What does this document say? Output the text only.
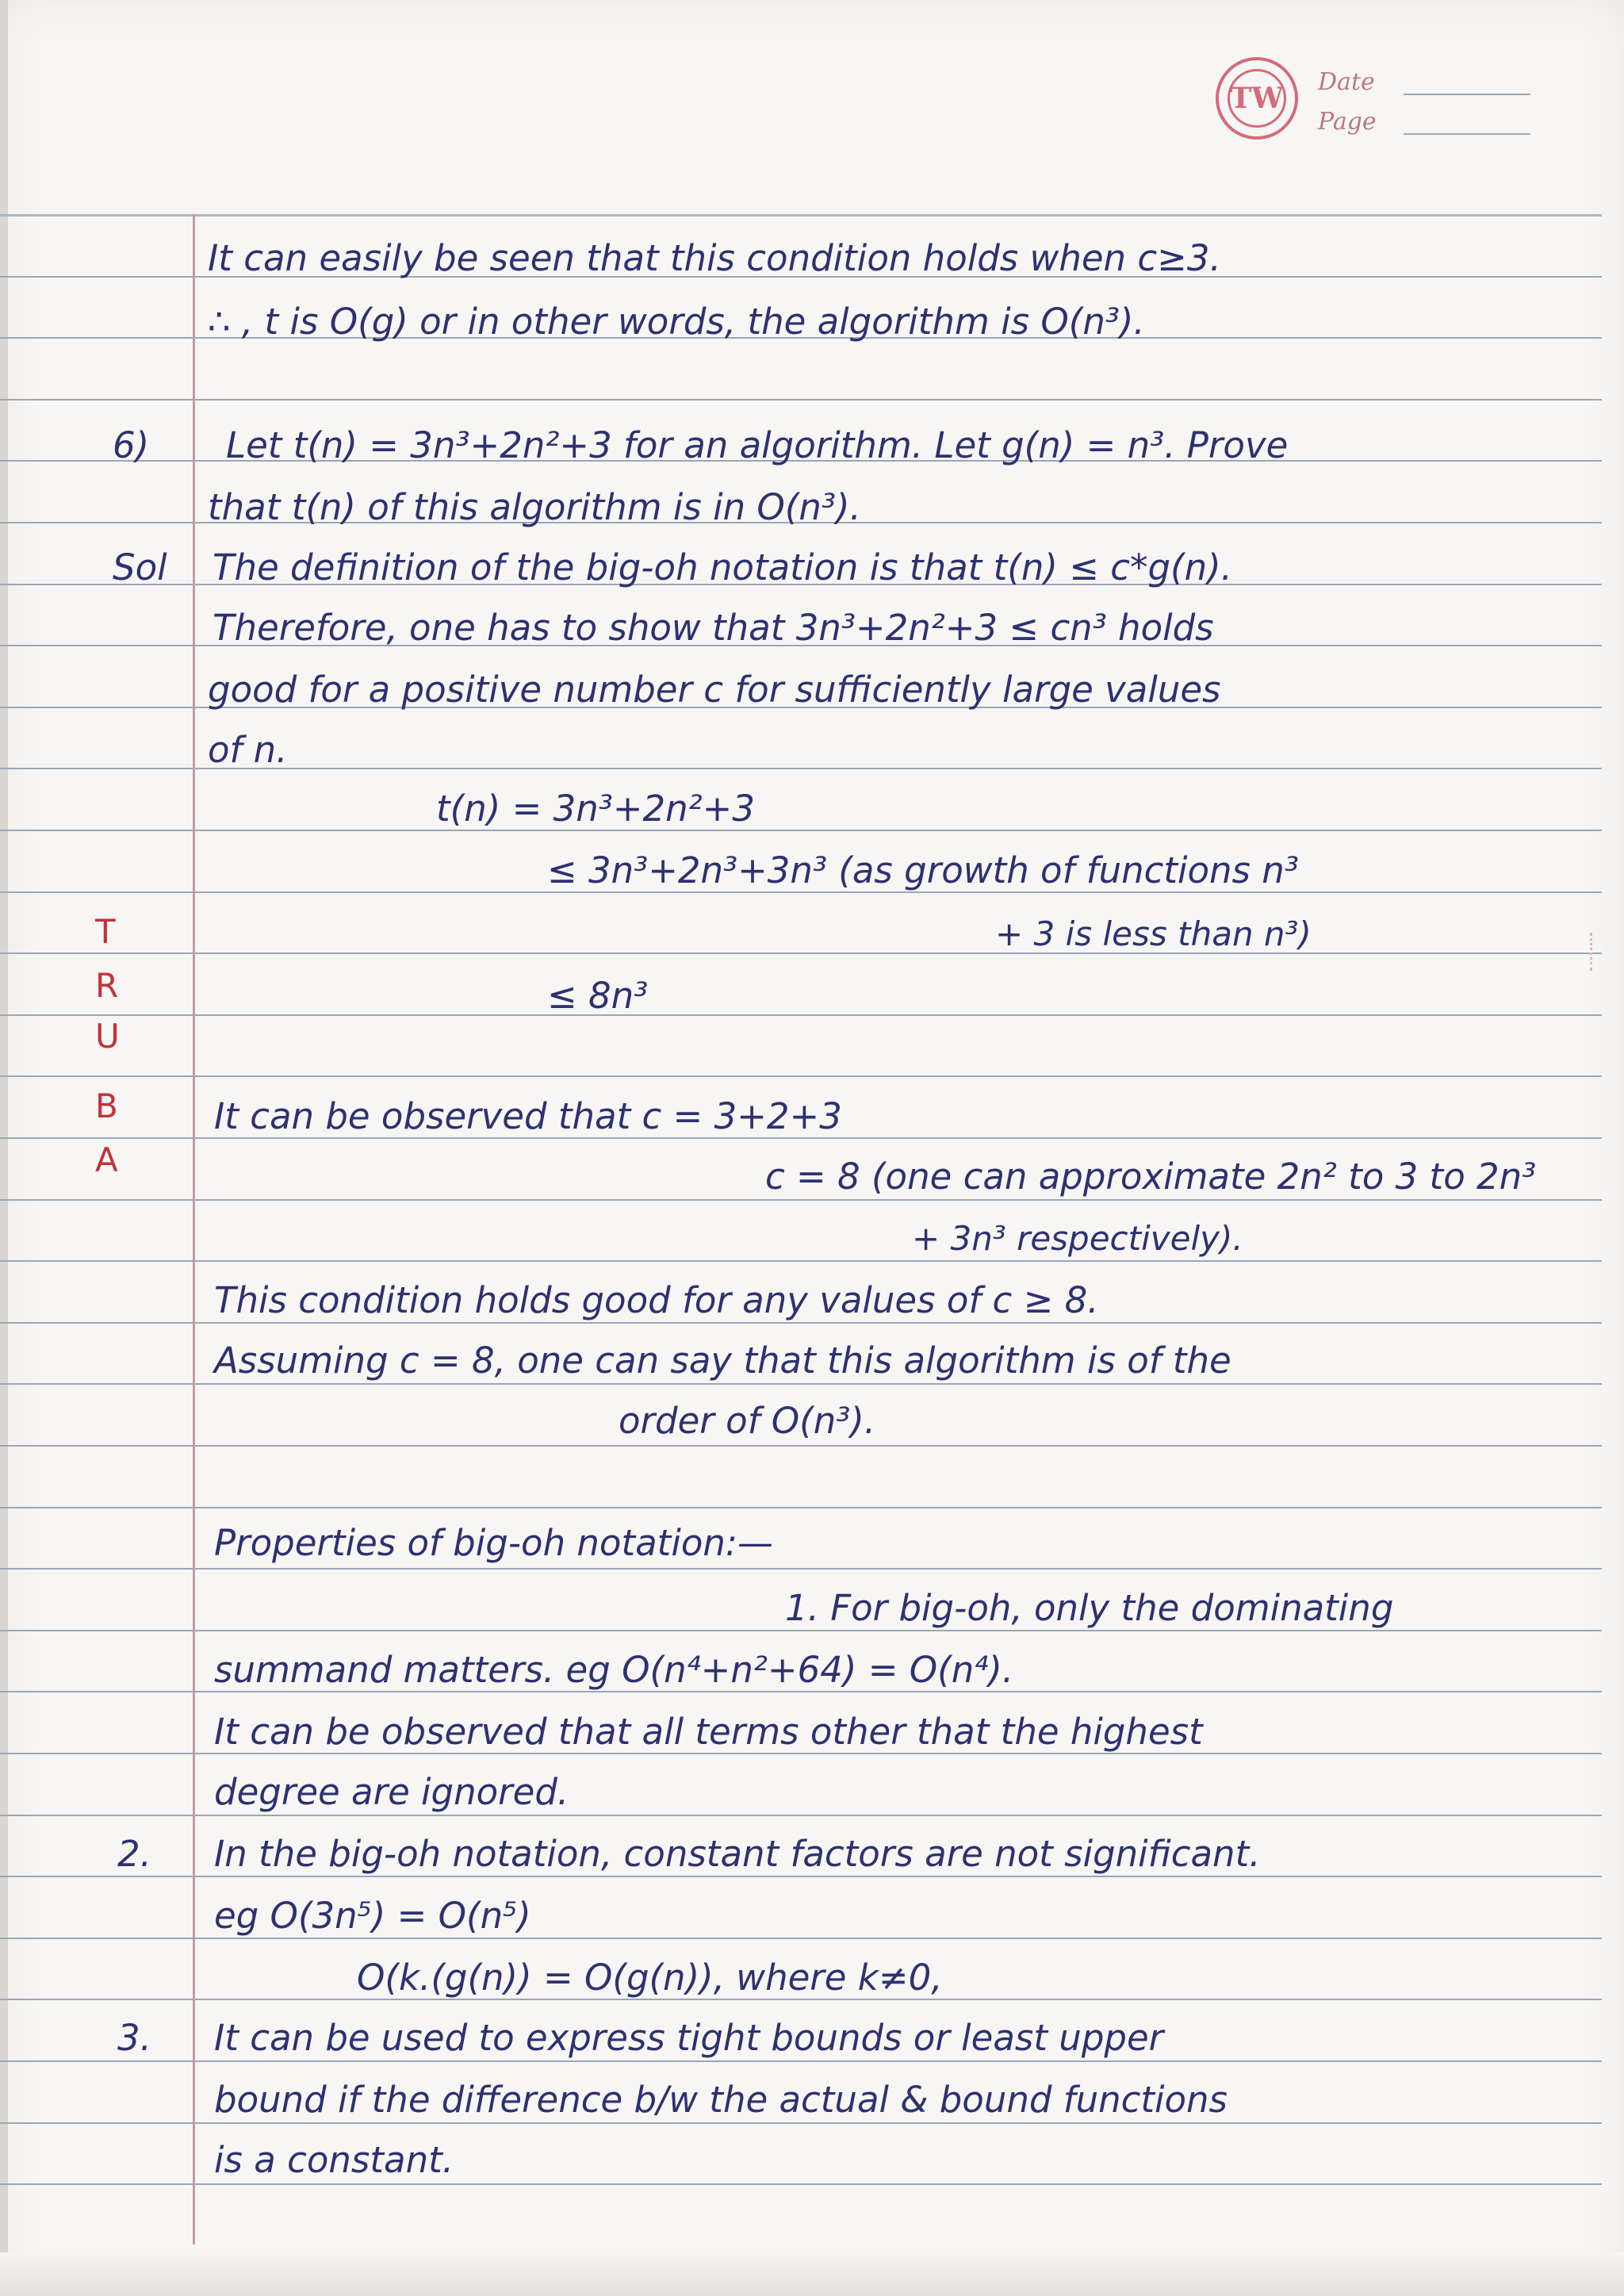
TW Date
Page
T
R
U
B
A
It can easily be seen that this condition holds when c≥3.
∴ , t is O(g) or in other words, the algorithm is O(n³).
6) Let t(n) = 3n³+2n²+3 for an algorithm. Let g(n) = n³. Prove
that t(n) of this algorithm is in O(n³).
Sol The definition of the big-oh notation is that t(n) ≤ c*g(n).
Therefore, one has to show that 3n³+2n²+3 ≤ cn³ holds
good for a positive number c for sufficiently large values
of n.
t(n) = 3n³+2n²+3
≤ 3n³+2n³+3n³ (as growth of functions n³
+ 3 is less than n³)
≤ 8n³
It can be observed that c = 3+2+3
c = 8 (one can approximate 2n² to 3 to 2n³
+ 3n³ respectively).
This condition holds good for any values of c ≥ 8.
Assuming c = 8, one can say that this algorithm is of the
order of O(n³).
Properties of big-oh notation:—
1. For big-oh, only the dominating
summand matters. eg O(n⁴+n²+64) = O(n⁴).
It can be observed that all terms other that the highest
degree are ignored.
2. In the big-oh notation, constant factors are not significant.
eg O(3n⁵) = O(n⁵)
O(k.(g(n)) = O(g(n)), where k≠0,
3. It can be used to express tight bounds or least upper
bound if the difference b/w the actual & bound functions
is a constant.
